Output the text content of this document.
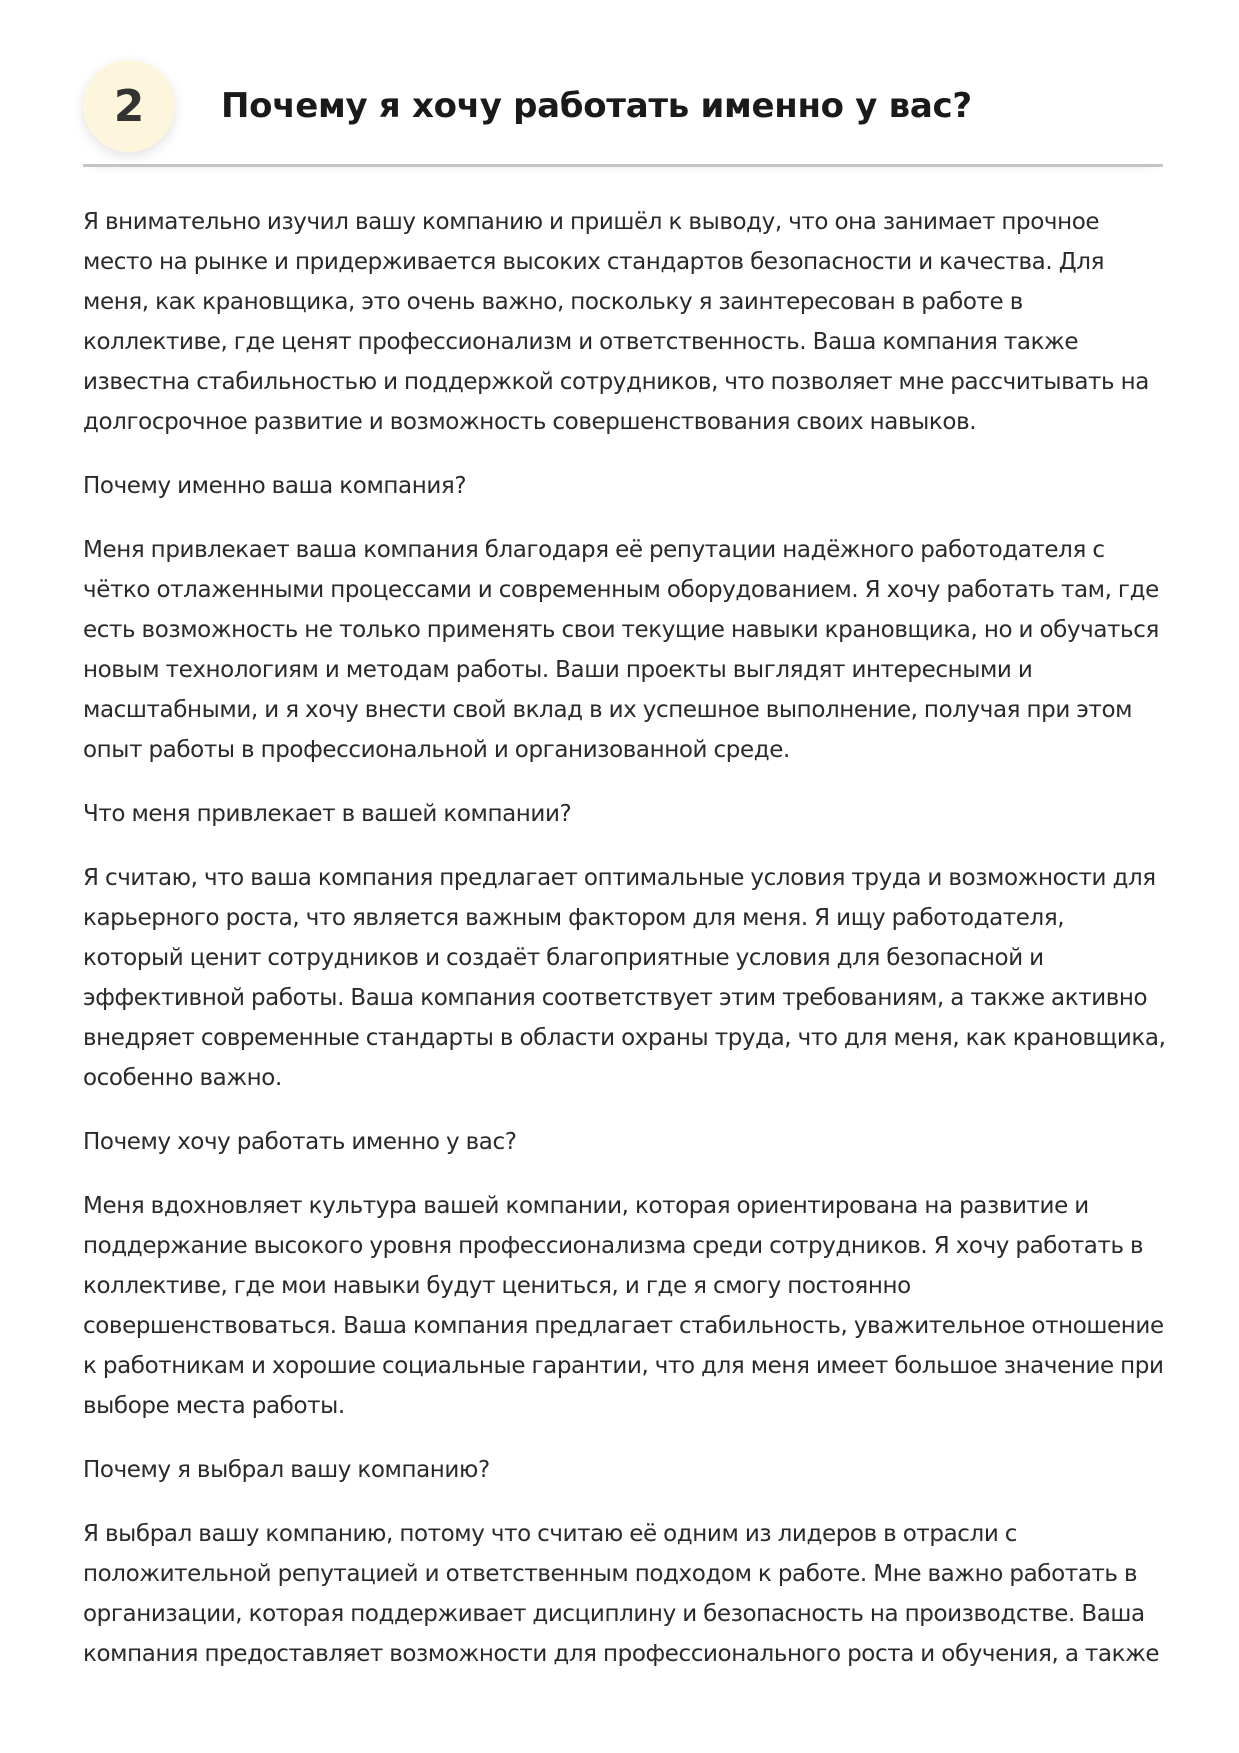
2	Почему я хочу работать именно у вас?

Я внимательно изучил вашу компанию и пришёл к выводу, что она занимает прочное место на рынке и придерживается высоких стандартов безопасности и качества. Для меня, как крановщика, это очень важно, поскольку я заинтересован в работе в коллективе, где ценят профессионализм и ответственность. Ваша компания также известна стабильностью и поддержкой сотрудников, что позволяет мне рассчитывать на долгосрочное развитие и возможность совершенствования своих навыков.

Почему именно ваша компания?

Меня привлекает ваша компания благодаря её репутации надёжного работодателя с чётко отлаженными процессами и современным оборудованием. Я хочу работать там, где есть возможность не только применять свои текущие навыки крановщика, но и обучаться новым технологиям и методам работы. Ваши проекты выглядят интересными и масштабными, и я хочу внести свой вклад в их успешное выполнение, получая при этом опыт работы в профессиональной и организованной среде.

Что меня привлекает в вашей компании?

Я считаю, что ваша компания предлагает оптимальные условия труда и возможности для карьерного роста, что является важным фактором для меня. Я ищу работодателя, который ценит сотрудников и создаёт благоприятные условия для безопасной и эффективной работы. Ваша компания соответствует этим требованиям, а также активно внедряет современные стандарты в области охраны труда, что для меня, как крановщика, особенно важно.

Почему хочу работать именно у вас?

Меня вдохновляет культура вашей компании, которая ориентирована на развитие и поддержание высокого уровня профессионализма среди сотрудников. Я хочу работать в коллективе, где мои навыки будут цениться, и где я смогу постоянно совершенствоваться. Ваша компания предлагает стабильность, уважительное отношение к работникам и хорошие социальные гарантии, что для меня имеет большое значение при выборе места работы.

Почему я выбрал вашу компанию?

Я выбрал вашу компанию, потому что считаю её одним из лидеров в отрасли с положительной репутацией и ответственным подходом к работе. Мне важно работать в организации, которая поддерживает дисциплину и безопасность на производстве. Ваша компания предоставляет возможности для профессионального роста и обучения, а также
